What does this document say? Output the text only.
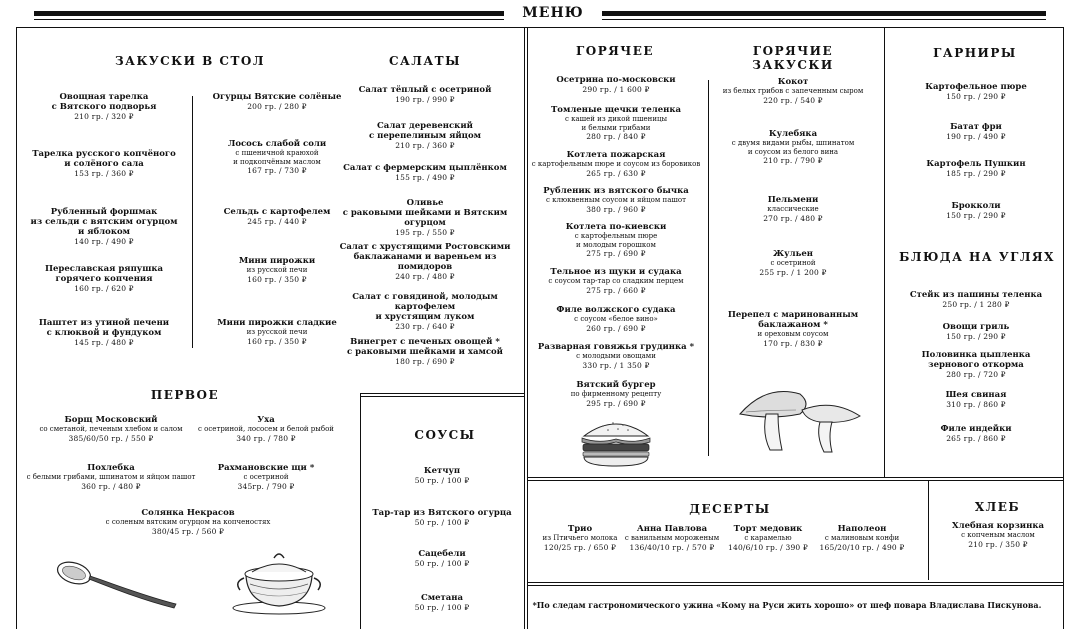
МЕНЮ
ЗАКУСКИ В СТОЛ	САЛАТЫ
ПЕРВОЕ
СОУСЫ
ГОРЯЧЕЕ	ГОРЯЧИЕ ЗАКУСКИ
ГАРНИРЫ
БЛЮДА НА УГЛЯХ
ДЕСЕРТЫ	ХЛЕБ
*По следам гастрономического ужина «Кому на Руси жить хорошо» от шеф повара Владислава Пискунова.
Овощная тарелка
с Вятского подворья
210 гр. / 320 ₽
Тарелка русского копчёного
и солёного сала
153 гр. / 360 ₽
Рубленный форшмак
из сельди с вятским огурцом
и яблоком
140 гр. / 490 ₽
Переславская ряпушка
горячего копчения
160 гр. / 620 ₽
Паштет из утиной печени
с клюквой и фундуком
145 гр. / 480 ₽
Огурцы Вятские солёные
200 гр. / 280 ₽
Лосось слабой соли
с пшеничной краюхой
и подкопчёным маслом
167 гр. / 730 ₽
Сельдь с картофелем
245 гр. / 440 ₽
Мини пирожки
из русской печи
160 гр. / 350 ₽
Мини пирожки сладкие
из русской печи
160 гр. / 350 ₽
Салат тёплый с осетриной
190 гр. / 990 ₽
Салат деревенский
с перепелиным яйцом
210 гр. / 360 ₽
Салат с фермерским цыплёнком
155 гр. / 490 ₽
Оливье
с раковыми шейками и Вятским огурцом
195 гр. / 550 ₽
Салат с хрустящими Ростовскими
баклажанами и вареньем из помидоров
240 гр. / 480 ₽
Салат с говядиной, молодым картофелем
и хрустящим луком
230 гр. / 640 ₽
Винегрет с печеных овощей *
с раковыми шейками и хамсой
180 гр. / 690 ₽
Борщ Московский
со сметаной, печеным хлебом и салом
385/60/50 гр. / 550 ₽
Уха
с осетриной, лососем и белой рыбой
340 гр. / 780 ₽
Похлебка
с белыми грибами, шпинатом и яйцом пашот
360 гр. / 480 ₽
Рахмановские щи *
с осетриной
345гр. / 790 ₽
Солянка Некрасов
с соленым вятским огурцом на копченостях
380/45 гр. / 560 ₽
Кетчуп
50 гр. / 100 ₽
Тар-тар из Вятского огурца
50 гр. / 100 ₽
Сацебели
50 гр. / 100 ₽
Сметана
50 гр. / 100 ₽
Осетрина по-московски
290 гр. / 1 600 ₽
Томленые щечки теленка
с кашей из дикой пшеницы
и белыми грибами
280 гр. / 840 ₽
Котлета пожарская
с картофельным пюре и соусом из боровиков
265 гр. / 630 ₽
Рубленик из вятского бычка
с клюквенным соусом и яйцом пашот
380 гр. / 960 ₽
Котлета по-киевски
с картофельным пюре
и молодым горошком
275 гр. / 690 ₽
Тельное из щуки и судака
с соусом тар-тар со сладким перцем
275 гр. / 660 ₽
Филе волжского судака
с соусом «белое вино»
260 гр. / 690 ₽
Разварная говяжья грудинка *
с молодыми овощами
330 гр. / 1 350 ₽
Вятский бургер
по фирменному рецепту
295 гр. / 690 ₽
Кокот
из белых грибов с запеченным сыром
220 гр. / 540 ₽
Кулебяка
с двумя видами рыбы, шпинатом
и соусом из белого вина
210 гр. / 790 ₽
Пельмени
классические
270 гр. / 480 ₽
Жульен
с осетриной
255 гр. / 1 200 ₽
Перепел с маринованным баклажаном *
и ореховым соусом
170 гр. / 830 ₽
Картофельное пюре
150 гр. / 290 ₽
Батат фри
190 гр. / 490 ₽
Картофель Пушкин
185 гр. / 290 ₽
Брокколи
150 гр. / 290 ₽
Стейк из пашины теленка
250 гр. / 1 280 ₽
Овощи гриль
150 гр. / 290 ₽
Половинка цыпленка
зернового откорма
280 гр. / 720 ₽
Шея свиная
310 гр. / 860 ₽
Филе индейки
265 гр. / 860 ₽
Трио
из Птичьего молока
120/25 гр. / 650 ₽
Анна Павлова
с ванильным мороженым
136/40/10 гр. / 570 ₽
Торт медовик
с карамелью
140/6/10 гр. / 390 ₽
Наполеон
с малиновым конфи
165/20/10 гр. / 490 ₽
Хлебная корзинка
с копченым маслом
210 гр. / 350 ₽
